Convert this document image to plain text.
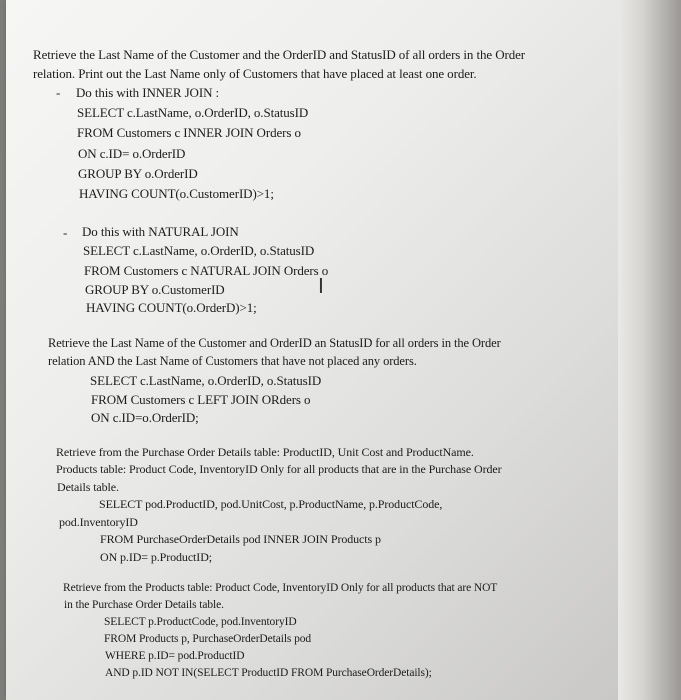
Retrieve the Last Name of the Customer and the OrderID and StatusID of all orders in the Order
relation. Print out the Last Name only of Customers that have placed at least one order.
- Do this with INNER JOIN :
SELECT c.LastName, o.OrderID, o.StatusID
FROM Customers c INNER JOIN Orders o
ON c.ID= o.OrderID
GROUP BY o.OrderID
HAVING COUNT(o.CustomerID)>1;
- Do this with NATURAL JOIN
SELECT c.LastName, o.OrderID, o.StatusID
FROM Customers c NATURAL JOIN Orders o
I
GROUP BY o.CustomerID
HAVING COUNT(o.OrderD)>1;
Retrieve the Last Name of the Customer and OrderID an StatusID for all orders in the Order
relation AND the Last Name of Customers that have not placed any orders.
SELECT c.LastName, o.OrderID, o.StatusID
FROM Customers c LEFT JOIN ORders o
ON c.ID=o.OrderID;
Retrieve from the Purchase Order Details table: ProductID, Unit Cost and ProductName.
Products table: Product Code, InventoryID Only for all products that are in the Purchase Order
Details table.
SELECT pod.ProductID, pod.UnitCost, p.ProductName, p.ProductCode,
pod.InventoryID
FROM PurchaseOrderDetails pod INNER JOIN Products p
ON p.ID= p.ProductID;
Retrieve from the Products table: Product Code, InventoryID Only for all products that are NOT
in the Purchase Order Details table.
SELECT p.ProductCode, pod.InventoryID
FROM Products p, PurchaseOrderDetails pod
WHERE p.ID= pod.ProductID
AND p.ID NOT IN(SELECT ProductID FROM PurchaseOrderDetails);
